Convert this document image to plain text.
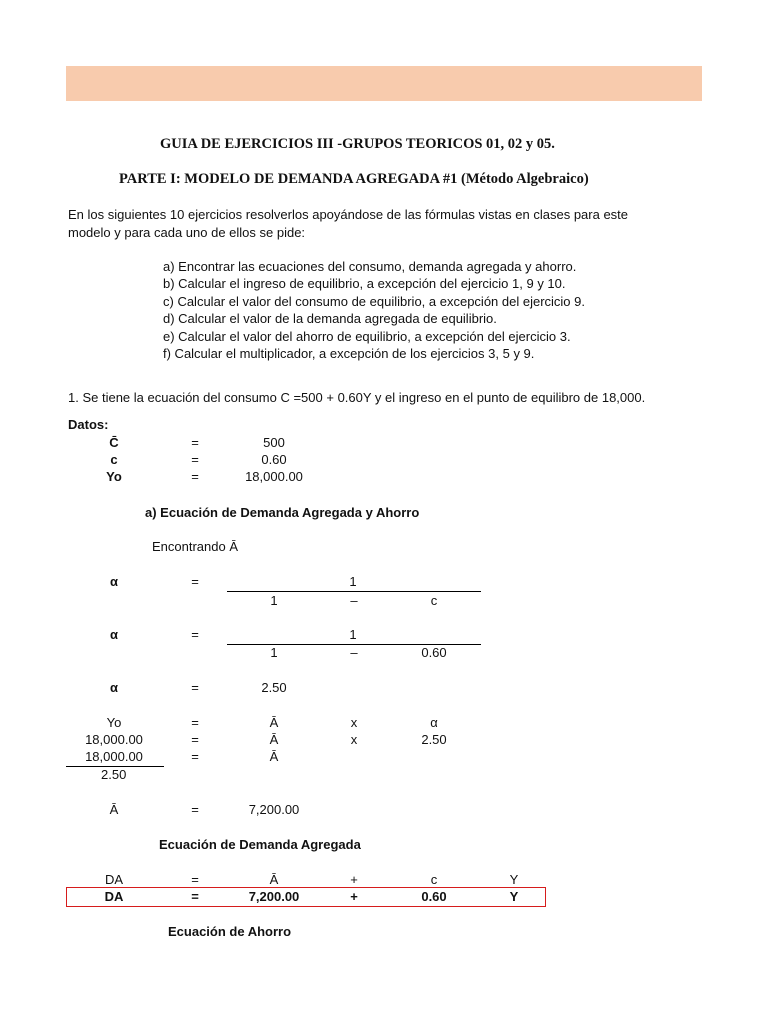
GUIA DE EJERCICIOS III -GRUPOS TEORICOS 01, 02 y 05.
PARTE I: MODELO DE DEMANDA AGREGADA #1 (Método Algebraico)
En los siguientes 10 ejercicios resolverlos apoyándose de las fórmulas vistas en clases para este
modelo y para cada uno de ellos se pide:
a) Encontrar las ecuaciones del consumo, demanda agregada y ahorro.
b) Calcular el ingreso de equilibrio, a excepción del ejercicio 1, 9 y 10.
c) Calcular el valor del consumo de equilibrio, a excepción del ejercicio 9.
d) Calcular el valor de la demanda agregada de equilibrio.
e) Calcular el valor del ahorro de equilibrio, a excepción del ejercicio 3.
f) Calcular el multiplicador, a excepción de los ejercicios 3, 5 y 9.
1. Se tiene la ecuación del consumo C =500 + 0.60Y y el ingreso en el punto de equilibro de 18,000.
Datos:
C̄	=	500
c	=	0.60
Yo	=	18,000.00
a) Ecuación de Demanda Agregada y Ahorro
Encontrando Ā
α	=	1
1	–	c
α	=	1
1	–	0.60
α	=	2.50
Yo	=	Ā	x	α
18,000.00	=	Ā	x	2.50
18,000.00	=	Ā
2.50
Ā	=	7,200.00
Ecuación de Demanda Agregada
DA	=	Ā	+	c	Y
DA	=	7,200.00	+	0.60	Y
Ecuación de Ahorro
